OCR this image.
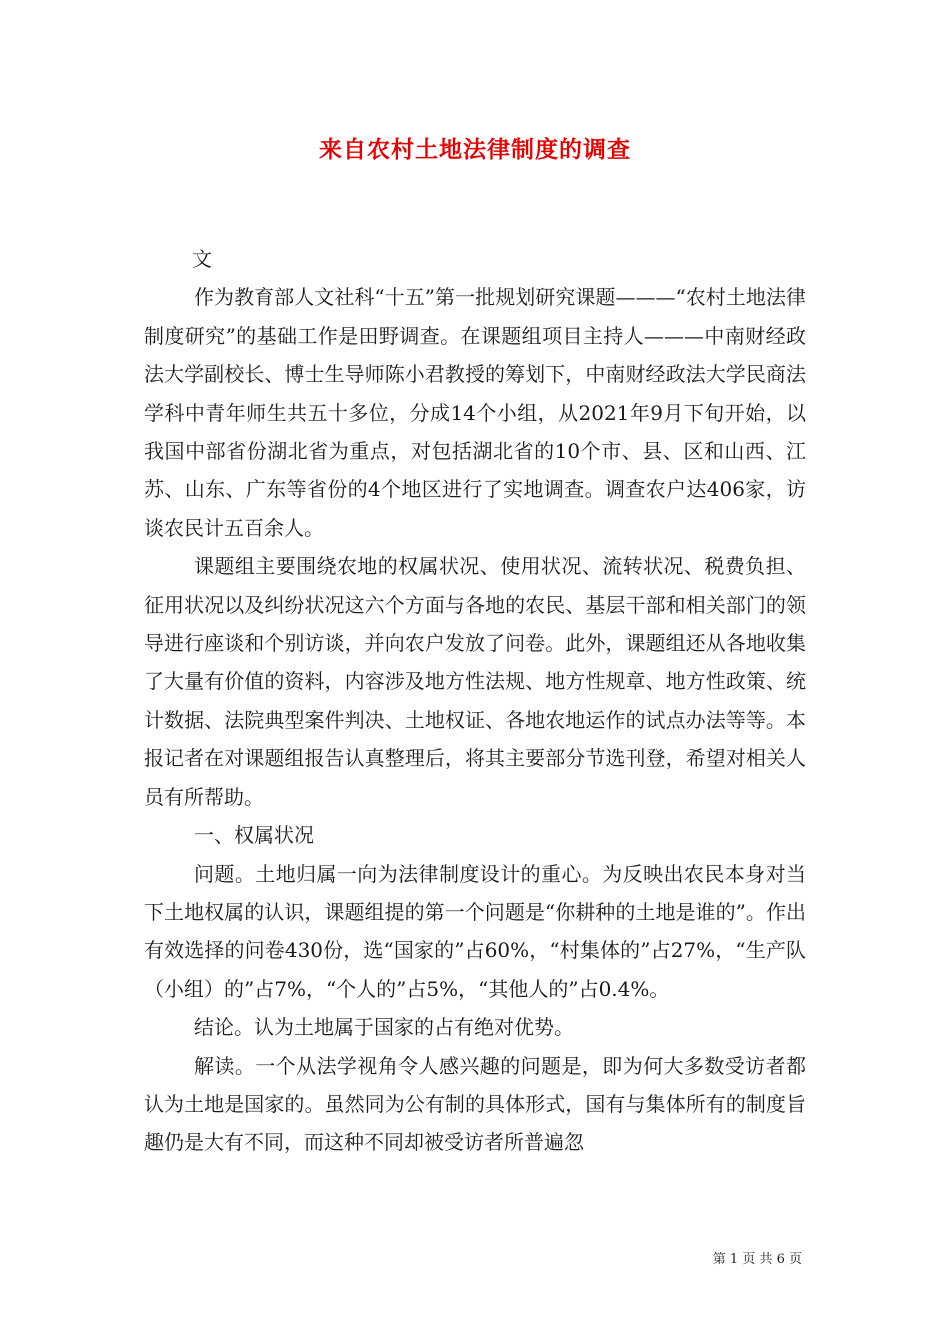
来自农村土地法律制度的调查

文

作为教育部人文社科“十五”第一批规划研究课题———“农村土地法律制度研究”的基础工作是田野调查。在课题组项目主持人———中南财经政法大学副校长、博士生导师陈小君教授的筹划下，中南财经政法大学民商法学科中青年师生共五十多位，分成14个小组，从2021年9月下旬开始，以我国中部省份湖北省为重点，对包括湖北省的10个市、县、区和山西、江苏、山东、广东等省份的4个地区进行了实地调查。调查农户达406家，访谈农民计五百余人。

课题组主要围绕农地的权属状况、使用状况、流转状况、税费负担、征用状况以及纠纷状况这六个方面与各地的农民、基层干部和相关部门的领导进行座谈和个别访谈，并向农户发放了问卷。此外，课题组还从各地收集了大量有价值的资料，内容涉及地方性法规、地方性规章、地方性政策、统计数据、法院典型案件判决、土地权证、各地农地运作的试点办法等等。本报记者在对课题组报告认真整理后，将其主要部分节选刊登，希望对相关人员有所帮助。

一、权属状况

问题。土地归属一向为法律制度设计的重心。为反映出农民本身对当下土地权属的认识，课题组提的第一个问题是“你耕种的土地是谁的”。作出有效选择的问卷430份，选“国家的”占60%，“村集体的”占27%，“生产队（小组）的”占7%，“个人的”占5%，“其他人的”占0.4%。

结论。认为土地属于国家的占有绝对优势。

解读。一个从法学视角令人感兴趣的问题是，即为何大多数受访者都认为土地是国家的。虽然同为公有制的具体形式，国有与集体所有的制度旨趣仍是大有不同，而这种不同却被受访者所普遍忽

第 1 页 共 6 页
